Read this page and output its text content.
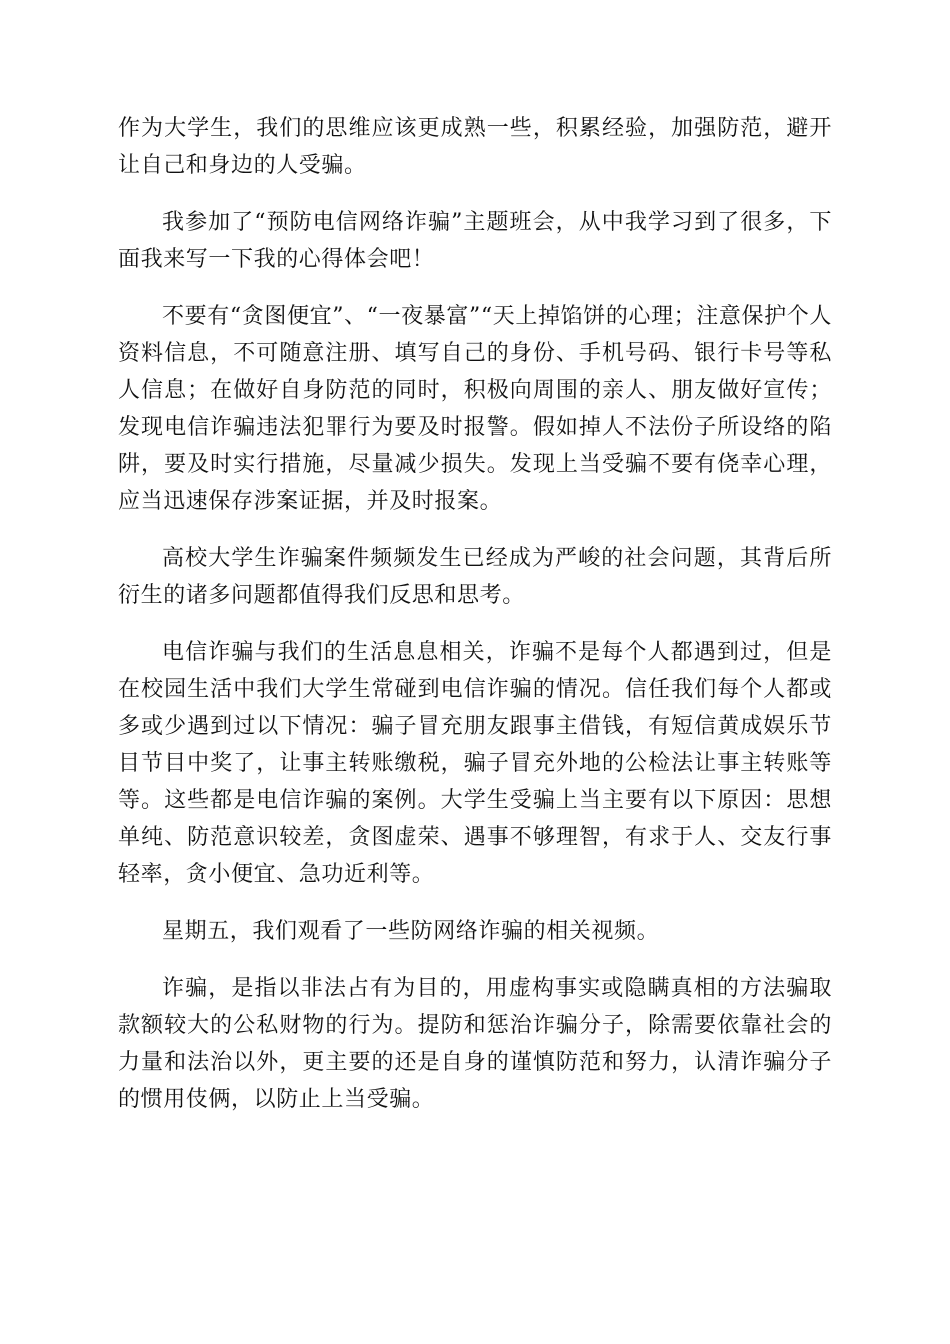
作为大学生，我们的思维应该更成熟一些，积累经验，加强防范，避开让自己和身边的人受骗。

我参加了“预防电信网络诈骗”主题班会，从中我学习到了很多，下面我来写一下我的心得体会吧！

不要有“贪图便宜”、“一夜暴富”“天上掉馅饼的心理；注意保护个人资料信息，不可随意注册、填写自己的身份、手机号码、银行卡号等私人信息；在做好自身防范的同时，积极向周围的亲人、朋友做好宣传；发现电信诈骗违法犯罪行为要及时报警。假如掉人不法份子所设络的陷阱，要及时实行措施，尽量减少损失。发现上当受骗不要有侥幸心理，应当迅速保存涉案证据，并及时报案。

高校大学生诈骗案件频频发生已经成为严峻的社会问题，其背后所衍生的诸多问题都值得我们反思和思考。

电信诈骗与我们的生活息息相关，诈骗不是每个人都遇到过，但是在校园生活中我们大学生常碰到电信诈骗的情况。信任我们每个人都或多或少遇到过以下情况：骗子冒充朋友跟事主借钱，有短信黄成娱乐节目节目中奖了，让事主转账缴税，骗子冒充外地的公检法让事主转账等等。这些都是电信诈骗的案例。大学生受骗上当主要有以下原因：思想单纯、防范意识较差，贪图虚荣、遇事不够理智，有求于人、交友行事轻率，贪小便宜、急功近利等。

星期五，我们观看了一些防网络诈骗的相关视频。

诈骗，是指以非法占有为目的，用虚构事实或隐瞒真相的方法骗取款额较大的公私财物的行为。提防和惩治诈骗分子，除需要依靠社会的力量和法治以外，更主要的还是自身的谨慎防范和努力，认清诈骗分子的惯用伎俩，以防止上当受骗。
